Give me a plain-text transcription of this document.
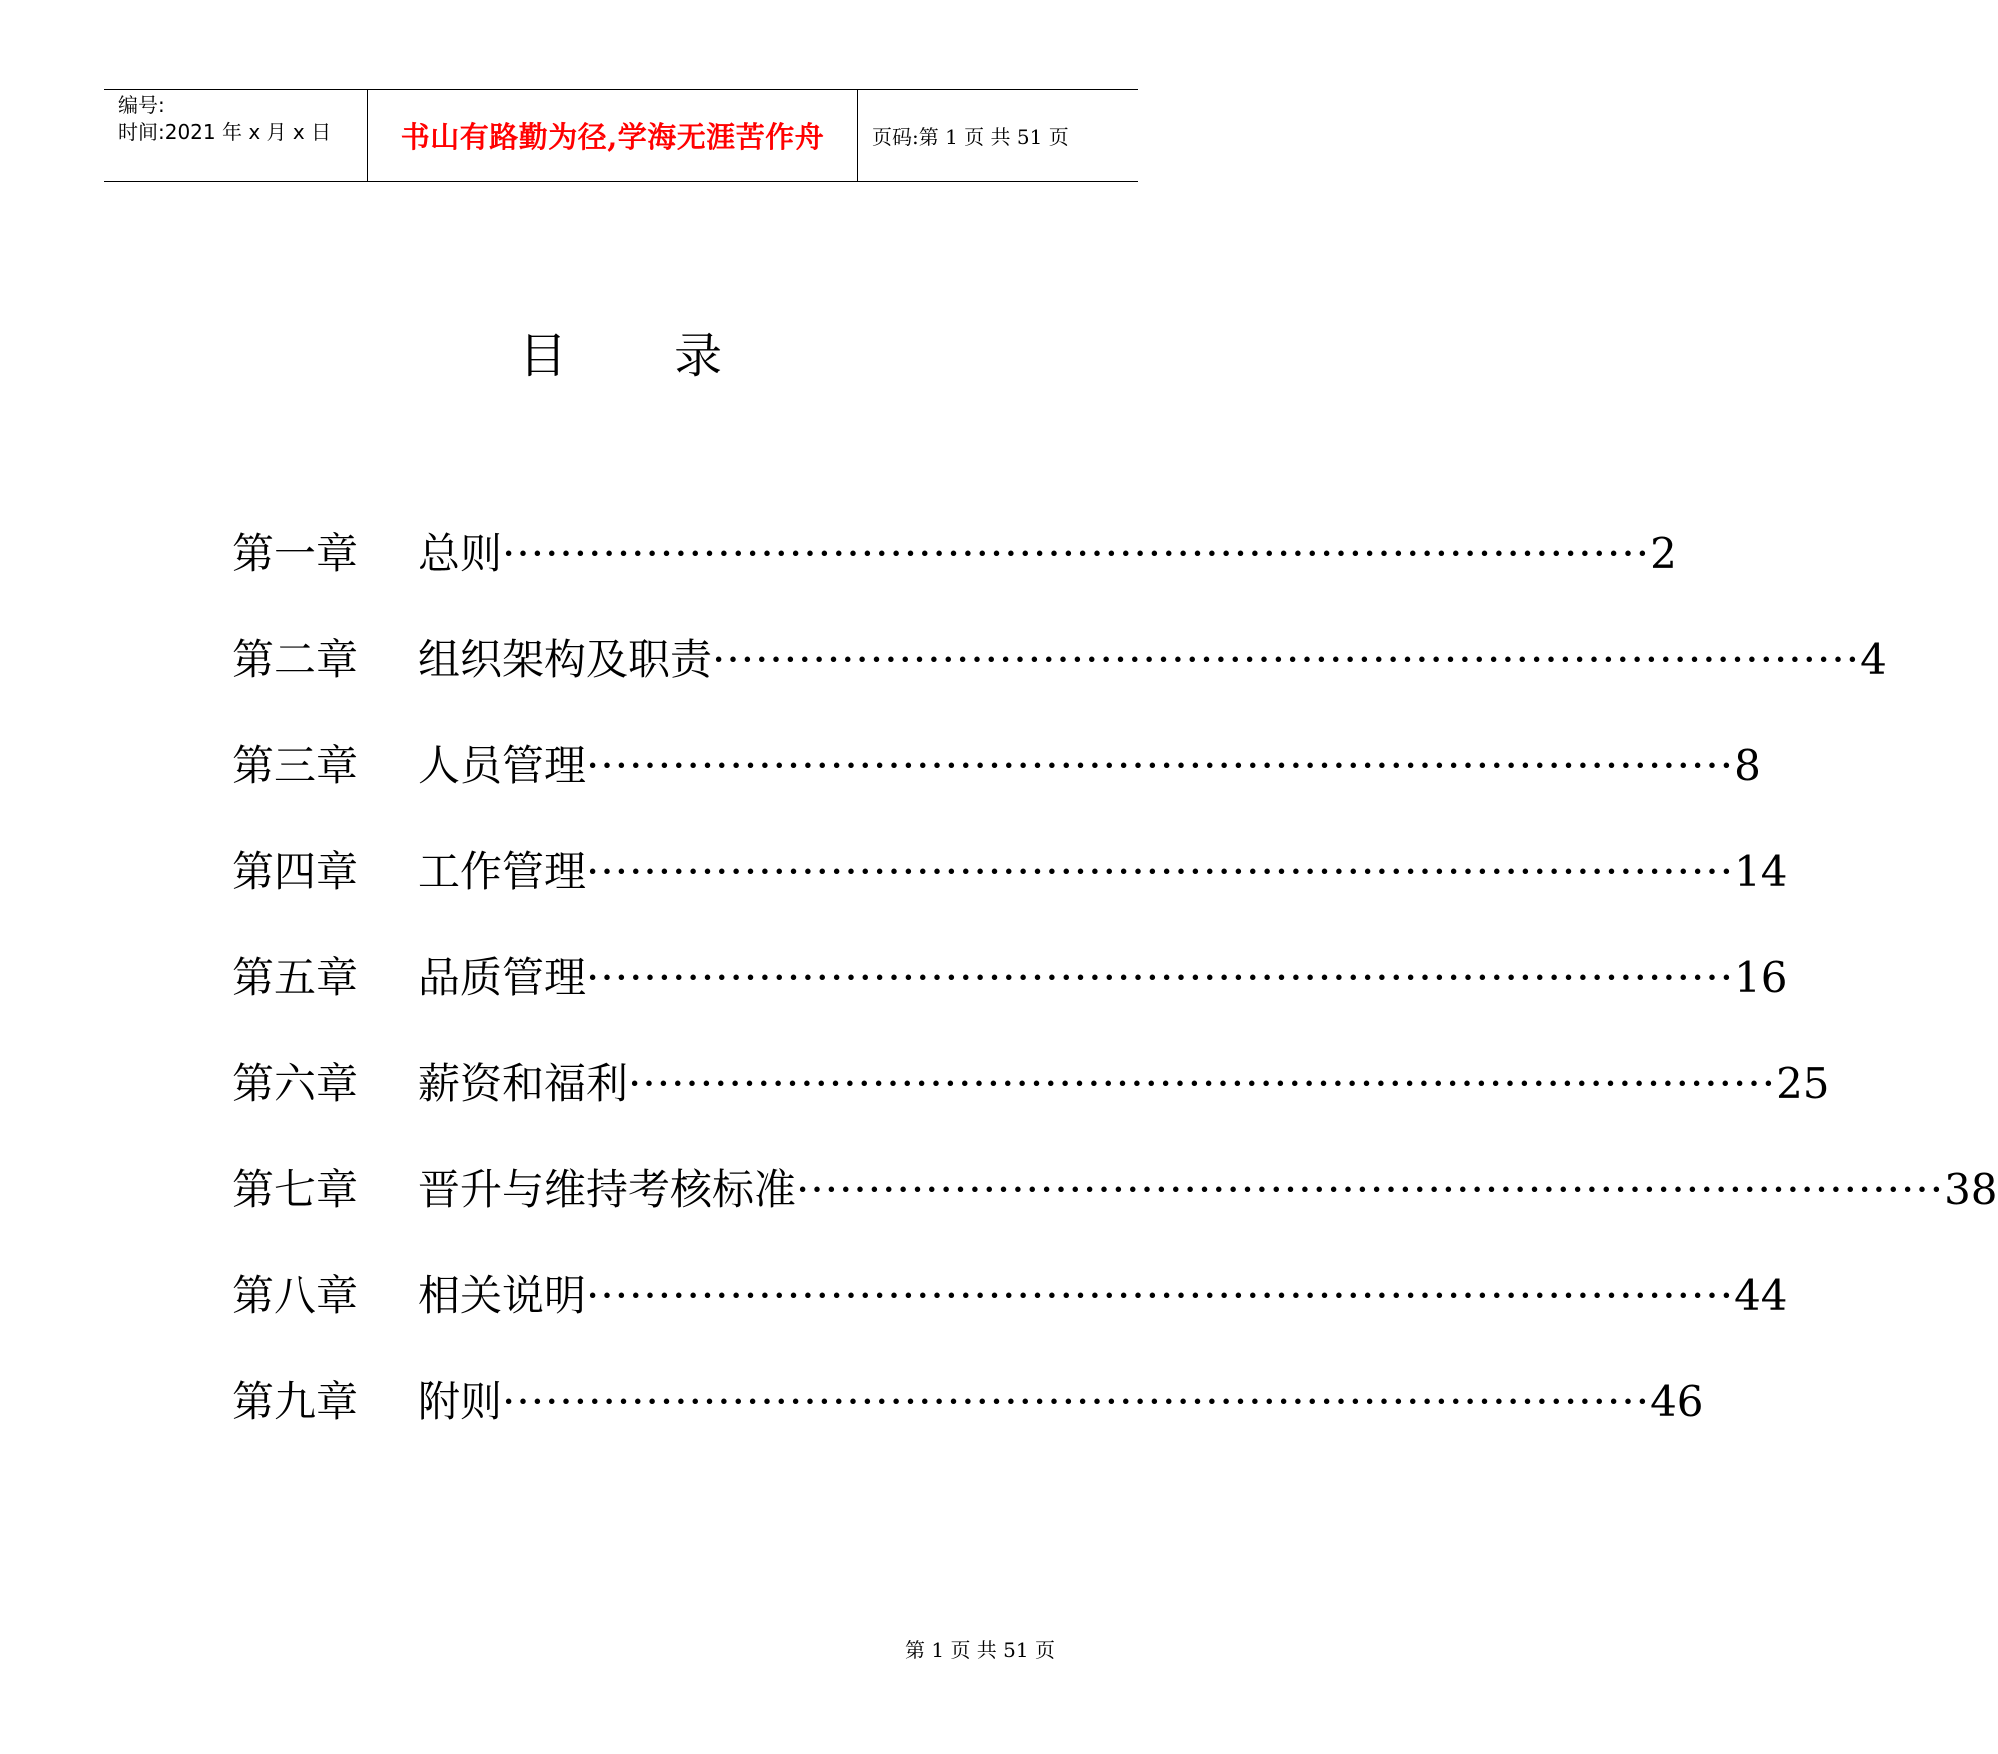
编号:
时间:2021 年 x 月 x 日	书山有路勤为径,学海无涯苦作舟	页码:第 1 页 共 51 页
目 录
第一章	总则 ················································································ 2
第二章	组织架构及职责 ················································································ 4
第三章	人员管理 ················································································ 8
第四章	工作管理 ················································································ 14
第五章	品质管理 ················································································ 16
第六章	薪资和福利 ················································································ 25
第七章	晋升与维持考核标准 ················································································ 38
第八章	相关说明 ················································································ 44
第九章	附则 ················································································ 46
第 1 页 共 51 页
